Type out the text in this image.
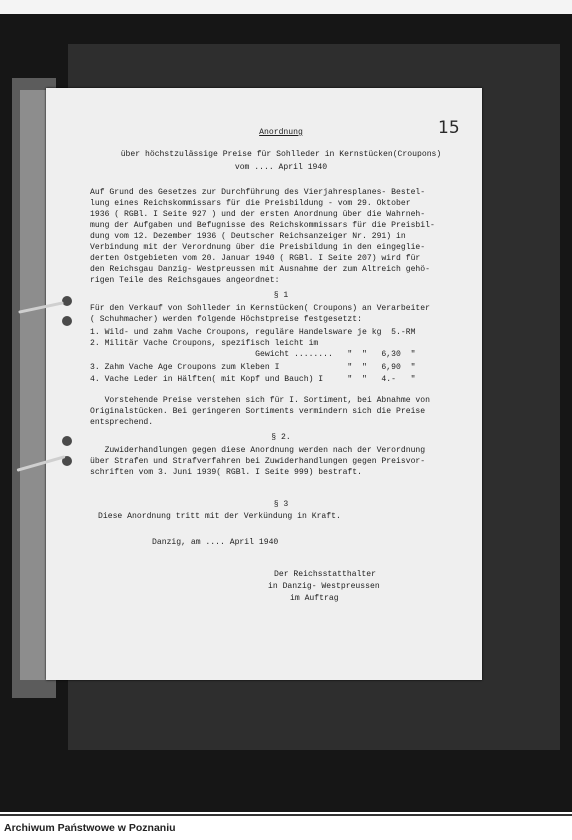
15

Anordnung

über höchstzulässige Preise für Sohlleder in Kernstücken(Croupons)

vom .... April 1940

Auf Grund des Gesetzes zur Durchführung des Vierjahresplanes- Bestel-

lung eines Reichskommissars für die Preisbildung - vom 29. Oktober

1936 ( RGBl. I Seite 927 ) und der ersten Anordnung über die Wahrneh-

mung der Aufgaben und Befugnisse des Reichskommissars für die Preisbil-

dung vom 12. Dezember 1936 ( Deutscher Reichsanzeiger Nr. 291) in

Verbindung mit der Verordnung über die Preisbildung in den eingeglie-

derten Ostgebieten vom 20. Januar 1940 ( RGBl. I Seite 207) wird für

den Reichsgau Danzig- Westpreussen mit Ausnahme der zum Altreich gehö-

rigen Teile des Reichsgaues angeordnet:

§ 1

Für den Verkauf von Sohlleder in Kernstücken( Croupons) an Verarbeiter

( Schuhmacher) werden folgende Höchstpreise festgesetzt:

1. Wild- und zahm Vache Croupons, reguläre Handelsware je kg  5.-RM

2. Militär Vache Croupons, spezifisch leicht im

Gewicht ........   "  "   6,30  "

3. Zahm Vache Age Croupons zum Kleben I              "  "   6,90  "

4. Vache Leder in Hälften( mit Kopf und Bauch) I     "  "   4.-   "

Vorstehende Preise verstehen sich für I. Sortiment, bei Abnahme von

Originalstücken. Bei geringeren Sortiments vermindern sich die Preise

entsprechend.

§ 2.

Zuwiderhandlungen gegen diese Anordnung werden nach der Verordnung

über Strafen und Strafverfahren bei Zuwiderhandlungen gegen Preisvor-

schriften vom 3. Juni 1939( RGBl. I Seite 999) bestraft.

§ 3

Diese Anordnung tritt mit der Verkündung in Kraft.

Danzig, am .... April 1940

Der Reichsstatthalter

in Danzig- Westpreussen

im Auftrag

Archiwum Państwowe w Poznaniu
